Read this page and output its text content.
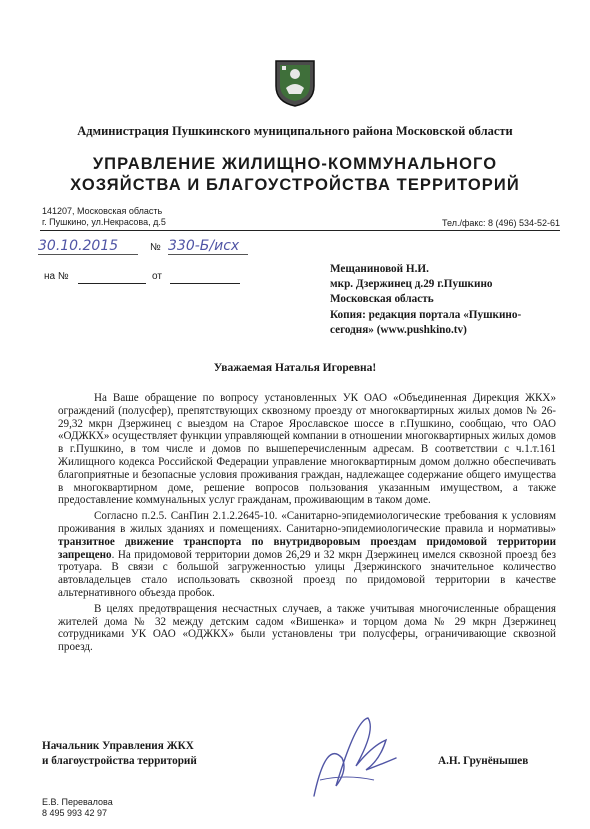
Администрация Пушкинского муниципального района Московской области
УПРАВЛЕНИЕ ЖИЛИЩНО-КОММУНАЛЬНОГО
ХОЗЯЙСТВА И БЛАГОУСТРОЙСТВА ТЕРРИТОРИЙ
141207, Московская область
г. Пушкино, ул.Некрасова, д.5	Тел./факс: 8 (496) 534-52-61
30.10.2015	№ 330-Б/исх
на №	от
Мещаниновой Н.И.
мкр. Дзержинец д.29 г.Пушкино
Московская область
Копия: редакция портала «Пушкино-
сегодня» (www.pushkino.tv)
Уважаемая Наталья Игоревна!

На Ваше обращение по вопросу установленных УК ОАО «Объединенная Дирекция ЖКХ» ограждений (полусфер), препятствующих сквозному проезду от многоквартирных жилых домов № 26-29,32 мкрн Дзержинец с выездом на Старое Ярославское шоссе в г.Пушкино, сообщаю, что ОАО «ОДЖКХ» осуществляет функции управляющей компании в отношении многоквартирных жилых домов в г.Пушкино, в том числе и домов по вышеперечисленным адресам. В соответствии с ч.1.т.161 Жилищного кодекса Российской Федерации управление многоквартирным домом должно обеспечивать благоприятные и безопасные условия проживания граждан, надлежащее содержание общего имущества в многоквартирном доме, решение вопросов пользования указанным имуществом, а также предоставление коммунальных услуг гражданам, проживающим в таком доме.

Согласно п.2.5. СанПин 2.1.2.2645-10. «Санитарно-эпидемиологические требования к условиям проживания в жилых зданиях и помещениях. Санитарно-эпидемиологические правила и нормативы» транзитное движение транспорта по внутридворовым проездам придомовой территории запрещено. На придомовой территории домов 26,29 и 32 мкрн Дзержинец имелся сквозной проезд без тротуара. В связи с большой загруженностью улицы Дзержинского значительное количество автовладельцев стало использовать сквозной проезд по придомовой территории в качестве альтернативного объезда пробок.

В целях предотвращения несчастных случаев, а также учитывая многочисленные обращения жителей дома № 32 между детским садом «Вишенка» и торцом дома № 29 мкрн Дзержинец сотрудниками УК ОАО «ОДЖКХ» были установлены три полусферы, ограничивающие сквозной проезд.

Начальник Управления ЖКХ
и благоустройства территорий	А.Н. Грунёнышев
Е.В. Перевалова
8 495 993 42 97
